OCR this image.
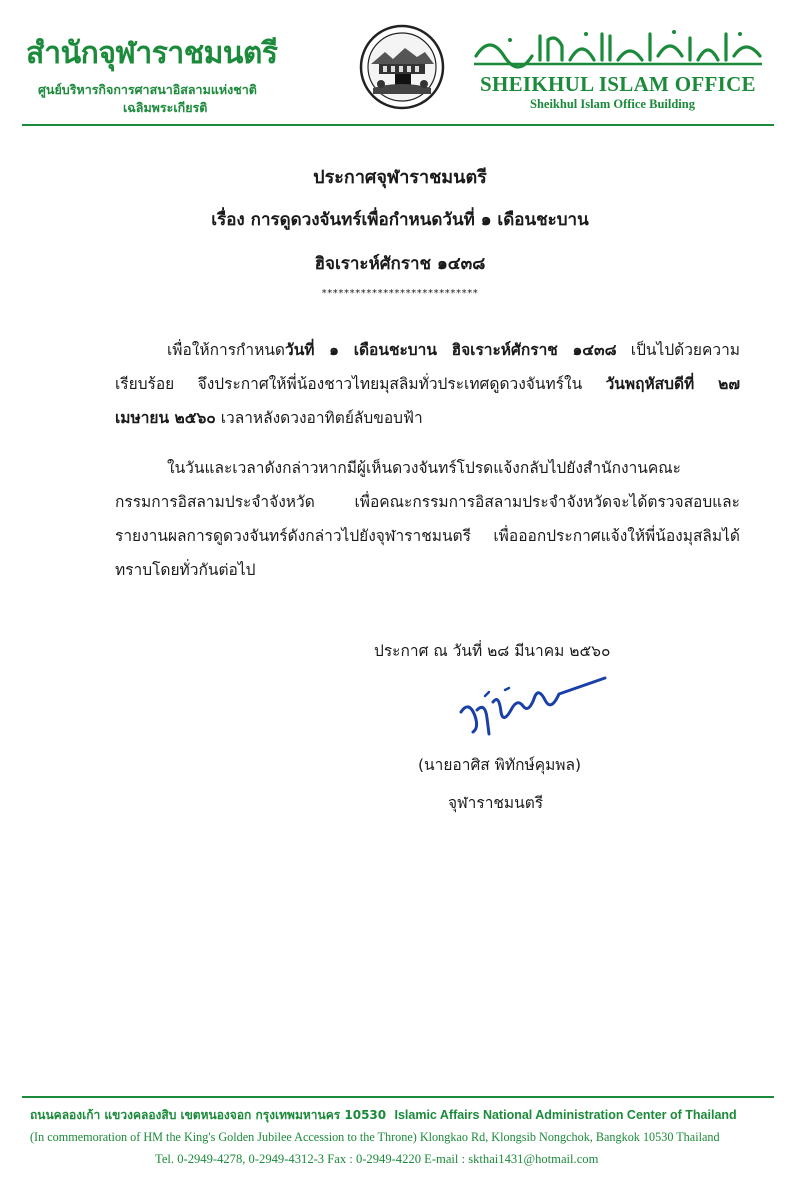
สำนักจุฬาราชมนตรี
ศูนย์บริหารกิจการศาสนาอิสลามแห่งชาติ
เฉลิมพระเกียรติ
SHEIKHUL ISLAM OFFICE
Sheikhul Islam Office Building
ประกาศจุฬาราชมนตรี
เรื่อง การดูดวงจันทร์เพื่อกำหนดวันที่ ๑ เดือนชะบาน
ฮิจเราะห์ศักราช ๑๔๓๘
****************************
เพื่อให้การกำหนดวันที่ ๑ เดือนชะบาน ฮิจเราะห์ศักราช ๑๔๓๘ เป็นไปด้วยความเรียบร้อย จึงประกาศให้พี่น้องชาวไทยมุสลิมทั่วประเทศดูดวงจันทร์ใน วันพฤหัสบดีที่ ๒๗ เมษายน ๒๕๖๐ เวลาหลังดวงอาทิตย์ลับขอบฟ้า
ในวันและเวลาดังกล่าวหากมีผู้เห็นดวงจันทร์โปรดแจ้งกลับไปยังสำนักงานคณะกรรมการอิสลามประจำจังหวัด เพื่อคณะกรรมการอิสลามประจำจังหวัดจะได้ตรวจสอบและรายงานผลการดูดวงจันทร์ดังกล่าวไปยังจุฬาราชมนตรี เพื่อออกประกาศแจ้งให้พี่น้องมุสลิมได้ทราบโดยทั่วกันต่อไป
ประกาศ ณ วันที่ ๒๘ มีนาคม ๒๕๖๐
(นายอาศิส พิทักษ์คุมพล)
จุฬาราชมนตรี
ถนนคลองเก้า แขวงคลองสิบ เขตหนองจอก กรุงเทพมหานคร 10530 Islamic Affairs National Administration Center of Thailand
(In commemoration of HM the King's Golden Jubilee Accession to the Throne) Klongkao Rd, Klongsib Nongchok, Bangkok 10530 Thailand
Tel. 0-2949-4278, 0-2949-4312-3 Fax : 0-2949-4220 E-mail : skthai1431@hotmail.com
